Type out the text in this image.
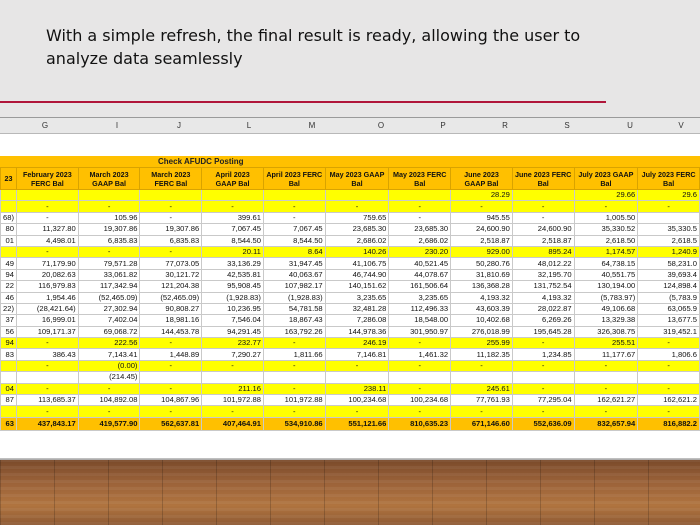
With a simple refresh, the final result is ready, allowing the user to analyze data seamlessly
G	I	J	L	M	O	P	R	S	U	V
Check AFUDC Posting
23	February 2023 FERC Bal	March 2023 GAAP Bal	March 2023 FERC Bal	April 2023 GAAP Bal	April 2023 FERC Bal	May 2023 GAAP Bal	May 2023 FERC Bal	June 2023 GAAP Bal	June 2023 FERC Bal	July 2023 GAAP Bal	July 2023 FERC Bal
								28.29		29.66	29.6
	-	-	-	-	-	-	-	-	-	-	-
68)	-	105.96	-	399.61	-	759.65	-	945.55	-	1,005.50	
80	11,327.80	19,307.86	19,307.86	7,067.45	7,067.45	23,685.30	23,685.30	24,600.90	24,600.90	35,330.52	35,330.5
01	4,498.01	6,835.83	6,835.83	8,544.50	8,544.50	2,686.02	2,686.02	2,518.87	2,518.87	2,618.50	2,618.5
	-	-	-	20.11	8.64	140.26	230.20	929.00	895.24	1,174.57	1,240.9
49	71,179.90	79,571.28	77,073.05	33,136.29	31,947.45	41,106.75	40,521.45	50,280.76	48,012.22	64,738.15	58,231.0
94	20,082.63	33,061.82	30,121.72	42,535.81	40,063.67	46,744.90	44,078.67	31,810.69	32,195.70	40,551.75	39,693.4
22	116,979.83	117,342.94	121,204.38	95,908.45	107,982.17	140,151.62	161,506.64	136,368.28	131,752.54	130,194.00	124,898.4
46	1,954.46	(52,465.09)	(52,465.09)	(1,928.83)	(1,928.83)	3,235.65	3,235.65	4,193.32	4,193.32	(5,783.97)	(5,783.9
22)	(28,421.64)	27,302.94	90,808.27	10,236.95	54,781.58	32,481.28	112,496.33	43,603.39	28,022.87	49,106.68	63,065.9
37	16,999.01	7,402.04	18,981.16	7,546.04	18,867.43	7,286.08	18,548.00	10,402.68	6,269.26	13,329.38	13,677.5
56	109,171.37	69,068.72	144,453.78	94,291.45	163,792.26	144,978.36	301,950.97	276,018.99	195,645.28	326,308.75	319,452.1
94	-	222.56	-	232.77	-	246.19	-	255.99	-	255.51	-
83	386.43	7,143.41	1,448.89	7,290.27	1,811.66	7,146.81	1,461.32	11,182.35	1,234.85	11,177.67	1,806.6
	-	(0.00)	-	-	-	-	-	-	-	-	-
		(214.45)									
04	-	-	-	211.16	-	238.11	-	245.61	-	-	-
87	113,685.37	104,892.08	104,867.96	101,972.88	101,972.88	100,234.68	100,234.68	77,761.93	77,295.04	162,621.27	162,621.2
	-	-	-	-	-	-	-	-	-	-	-
63	437,843.17	419,577.90	562,637.81	407,464.91	534,910.86	551,121.66	810,635.23	671,146.60	552,636.09	832,657.94	816,882.2
